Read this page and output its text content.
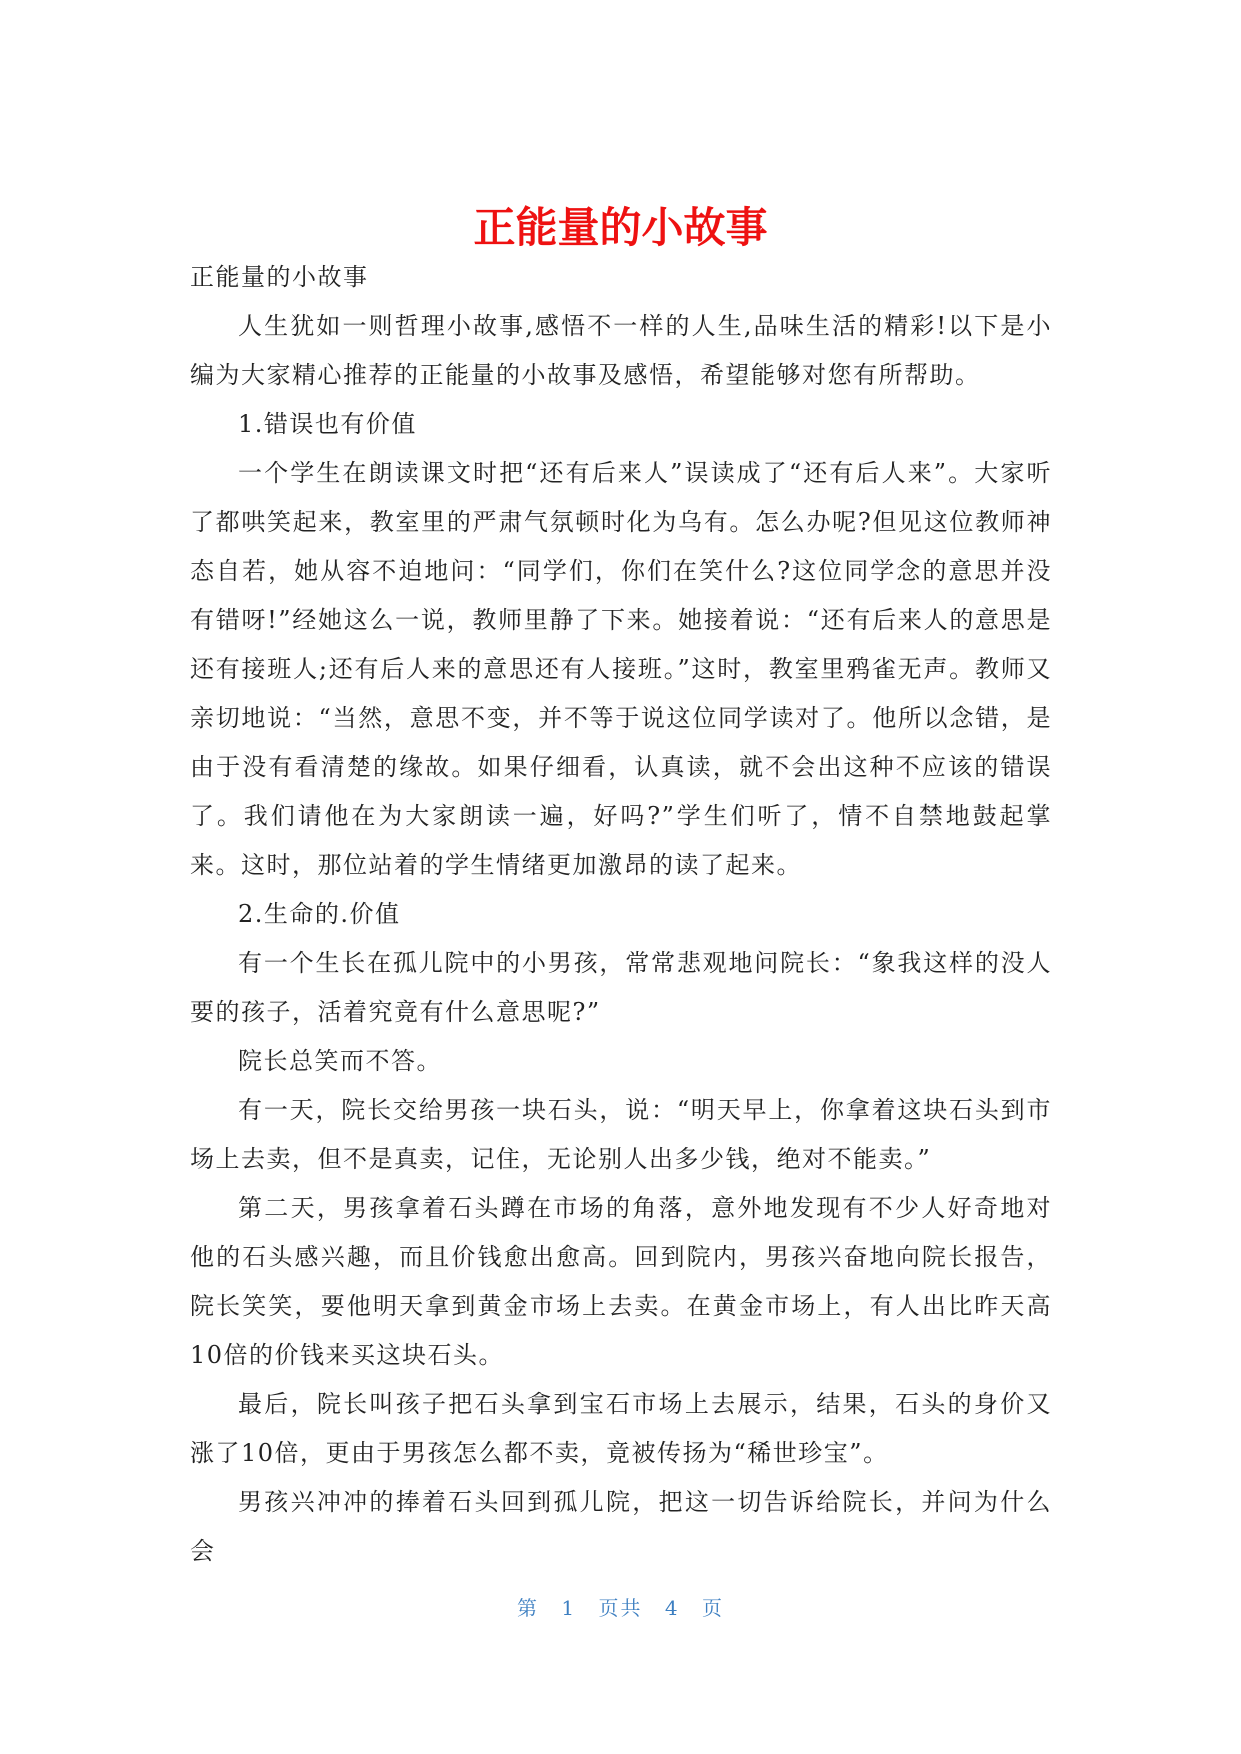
正能量的小故事

正能量的小故事

人生犹如一则哲理小故事,感悟不一样的人生,品味生活的精彩!以下是小编为大家精心推荐的正能量的小故事及感悟，希望能够对您有所帮助。

1.错误也有价值

一个学生在朗读课文时把“还有后来人”误读成了“还有后人来”。大家听了都哄笑起来，教室里的严肃气氛顿时化为乌有。怎么办呢?但见这位教师神态自若，她从容不迫地问：“同学们，你们在笑什么?这位同学念的意思并没有错呀!”经她这么一说，教师里静了下来。她接着说：“还有后来人的意思是还有接班人;还有后人来的意思还有人接班。”这时，教室里鸦雀无声。教师又亲切地说：“当然，意思不变，并不等于说这位同学读对了。他所以念错，是由于没有看清楚的缘故。如果仔细看，认真读，就不会出这种不应该的错误了。我们请他在为大家朗读一遍，好吗?”学生们听了，情不自禁地鼓起掌来。这时，那位站着的学生情绪更加激昂的读了起来。

2.生命的.价值

有一个生长在孤儿院中的小男孩，常常悲观地问院长：“象我这样的没人要的孩子，活着究竟有什么意思呢?”

院长总笑而不答。

有一天，院长交给男孩一块石头，说：“明天早上，你拿着这块石头到市场上去卖，但不是真卖，记住，无论别人出多少钱，绝对不能卖。”

第二天，男孩拿着石头蹲在市场的角落，意外地发现有不少人好奇地对他的石头感兴趣，而且价钱愈出愈高。回到院内，男孩兴奋地向院长报告，院长笑笑，要他明天拿到黄金市场上去卖。在黄金市场上，有人出比昨天高10倍的价钱来买这块石头。

最后，院长叫孩子把石头拿到宝石市场上去展示，结果，石头的身价又涨了10倍，更由于男孩怎么都不卖，竟被传扬为“稀世珍宝”。

男孩兴冲冲的捧着石头回到孤儿院，把这一切告诉给院长，并问为什么会

第 1 页共 4 页
